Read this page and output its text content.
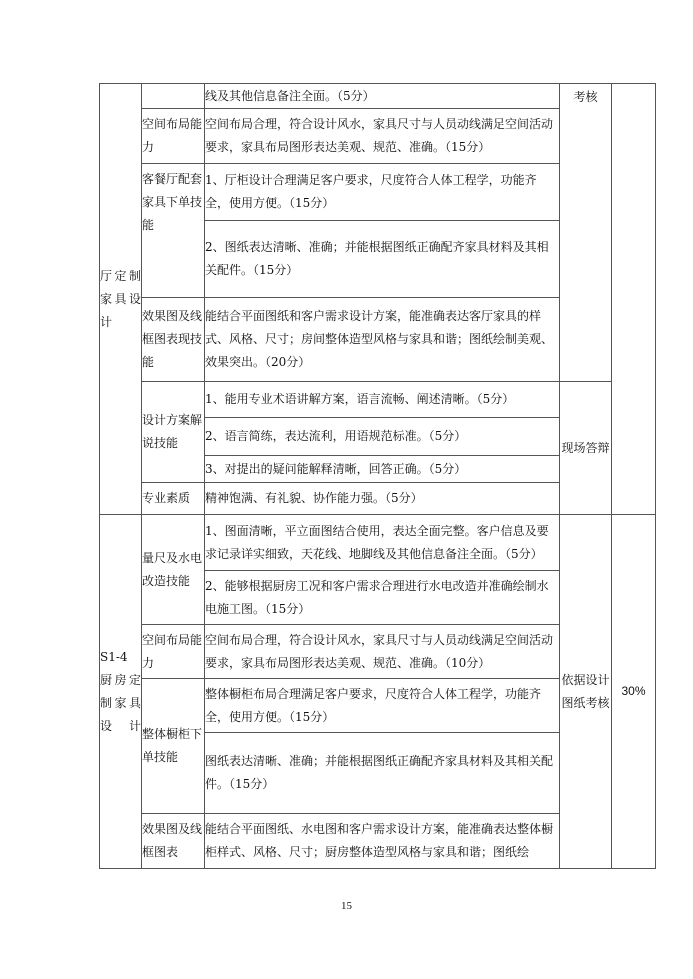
厅定制家具设计		线及其他信息备注全面。（5分）	考核	
	空间布局能力	空间布局合理，符合设计风水，家具尺寸与人员动线满足空间活动要求，家具布局图形表达美观、规范、准确。（15分）		
	客餐厅配套家具下单技能	1、厅柜设计合理满足客户要求，尺度符合人体工程学，功能齐全，使用方便。（15分）		
		2、图纸表达清晰、准确；并能根据图纸正确配齐家具材料及其相关配件。（15分）		
	效果图及线框图表现技能	能结合平面图纸和客户需求设计方案，能准确表达客厅家具的样式、风格、尺寸；房间整体造型风格与家具和谐；图纸绘制美观、效果突出。（20分）		
	设计方案解说技能	1、能用专业术语讲解方案，语言流畅、阐述清晰。（5分）	现场答辩	
		2、语言简练，表达流利，用语规范标准。（5分）		
		3、对提出的疑问能解释清晰，回答正确。（5分）		
	专业素质	精神饱满、有礼貌、协作能力强。（5分）		
S1-4 厨房定制家具设计	量尺及水电改造技能	1、图面清晰，平立面图结合使用，表达全面完整。客户信息及要求记录详实细致，天花线、地脚线及其他信息备注全面。（5分）	依据设计图纸考核	30%
		2、能够根据厨房工况和客户需求合理进行水电改造并准确绘制水电施工图。（15分）		
	空间布局能力	空间布局合理，符合设计风水，家具尺寸与人员动线满足空间活动要求，家具布局图形表达美观、规范、准确。（10分）		
	整体橱柜下单技能	整体橱柜布局合理满足客户要求，尺度符合人体工程学，功能齐全，使用方便。（15分）		

		图纸表达清晰、准确；并能根据图纸正确配齐家具材料及其相关配
件。（15分）		

	效果图及线框图表	能结合平面图纸、水电图和客户需求设计方案，能准确表达整体橱柜样式、风格、尺寸；厨房整体造型风格与家具和谐；图纸绘		
15
